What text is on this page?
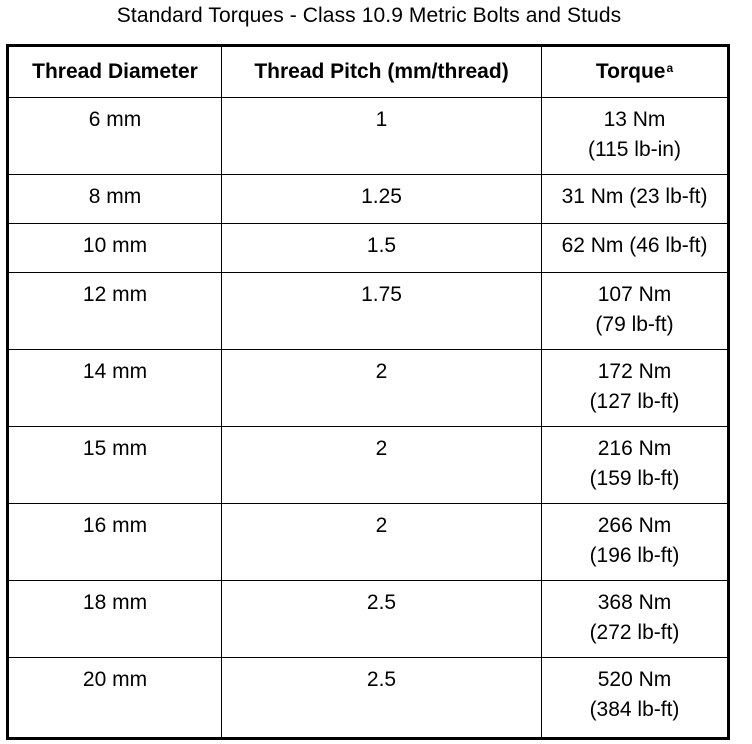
Standard Torques - Class 10.9 Metric Bolts and Studs
Thread Diameter	Thread Pitch (mm/thread)	Torque$^a$
6 mm	1	13 Nm
(115 lb-in)

8 mm	1.25	31 Nm (23 lb-ft)

10 mm	1.5	62 Nm (46 lb-ft)

12 mm	1.75	107 Nm
(79 lb-ft)

14 mm	2	172 Nm
(127 lb-ft)

15 mm	2	216 Nm
(159 lb-ft)

16 mm	2	266 Nm
(196 lb-ft)

18 mm	2.5	368 Nm
(272 lb-ft)

20 mm	2.5	520 Nm
(384 lb-ft)
